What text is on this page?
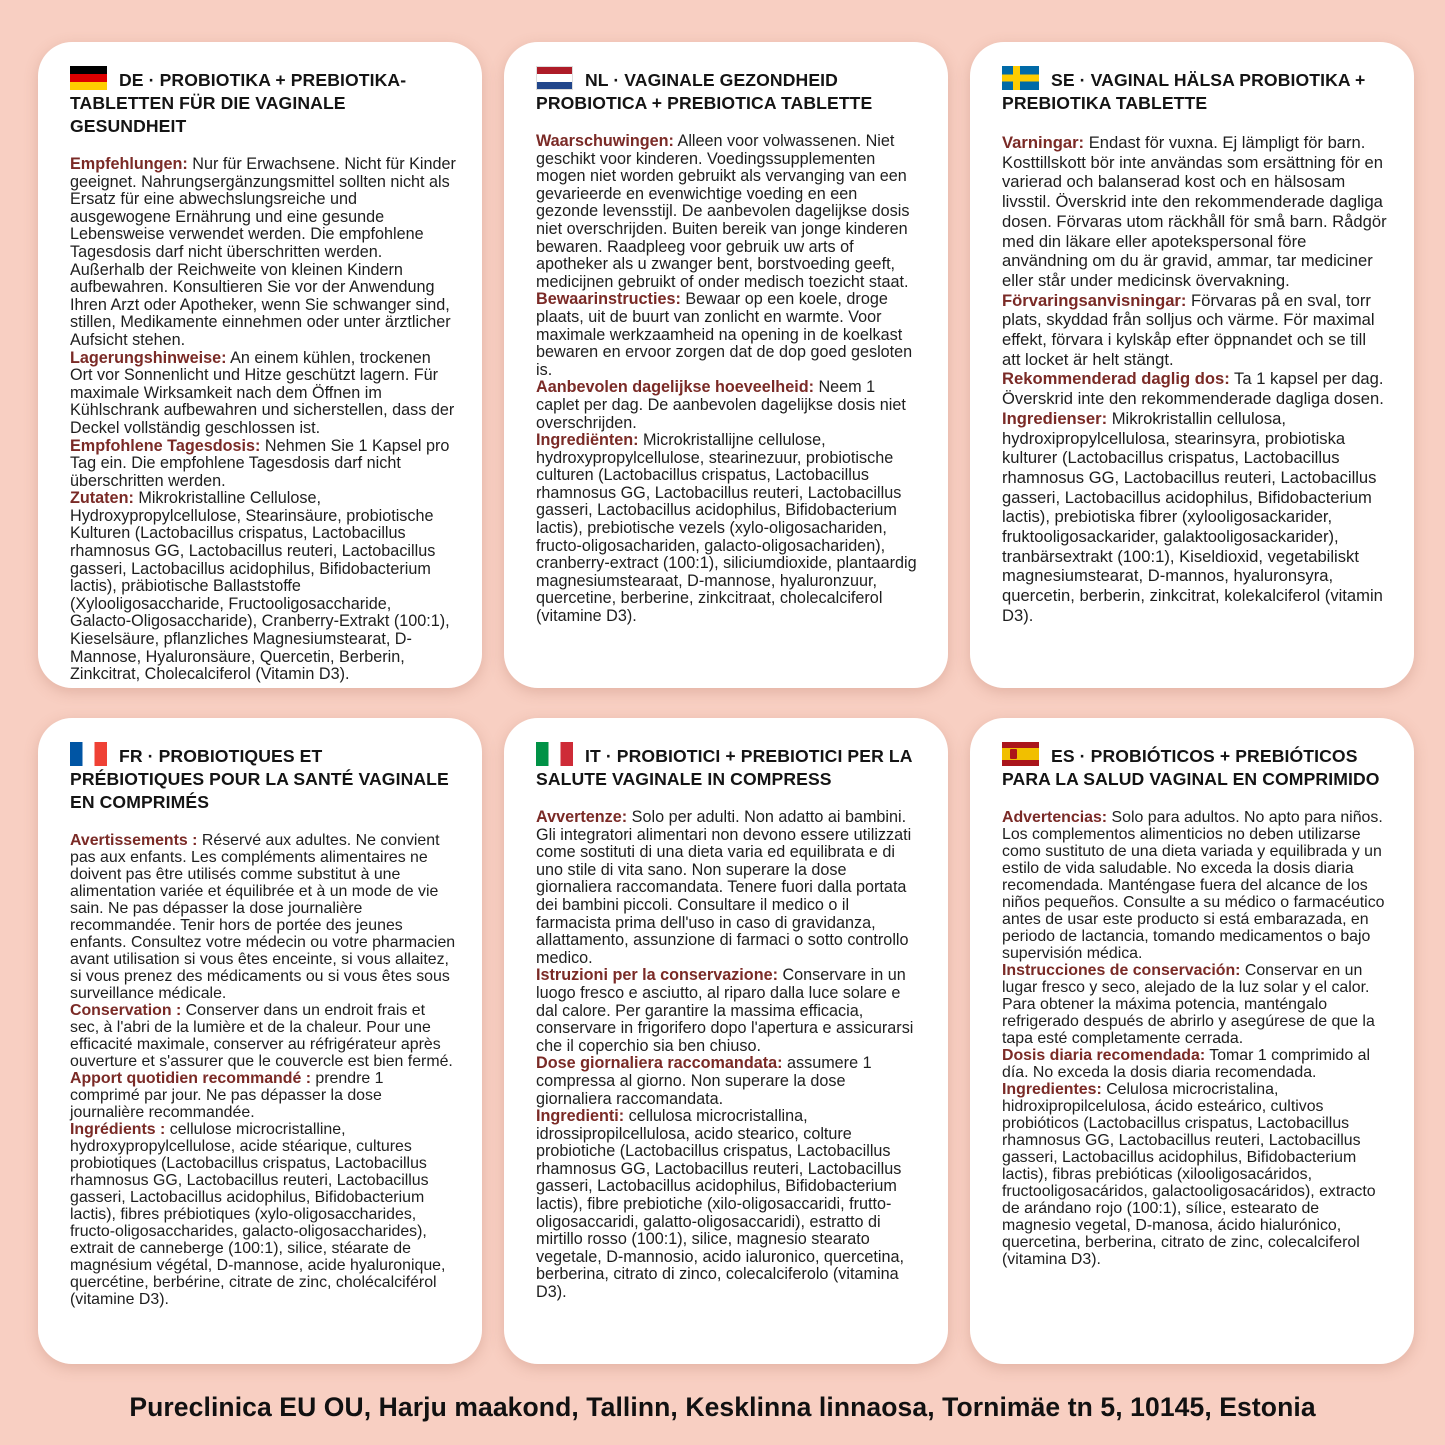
DE · PROBIOTIKA + PREBIOTIKA-TABLETTEN FÜR DIE VAGINALE GESUNDHEIT

Empfehlungen: Nur für Erwachsene. Nicht für Kinder geeignet. Nahrungsergänzungsmittel sollten nicht als Ersatz für eine abwechslungsreiche und ausgewogene Ernährung und eine gesunde Lebensweise verwendet werden. Die empfohlene Tagesdosis darf nicht überschritten werden. Außerhalb der Reichweite von kleinen Kindern aufbewahren. Konsultieren Sie vor der Anwendung Ihren Arzt oder Apotheker, wenn Sie schwanger sind, stillen, Medikamente einnehmen oder unter ärztlicher Aufsicht stehen.

Lagerungshinweise: An einem kühlen, trockenen Ort vor Sonnenlicht und Hitze geschützt lagern. Für maximale Wirksamkeit nach dem Öffnen im Kühlschrank aufbewahren und sicherstellen, dass der Deckel vollständig geschlossen ist.

Empfohlene Tagesdosis: Nehmen Sie 1 Kapsel pro Tag ein. Die empfohlene Tagesdosis darf nicht überschritten werden.

Zutaten: Mikrokristalline Cellulose, Hydroxypropylcellulose, Stearinsäure, probiotische Kulturen (Lactobacillus crispatus, Lactobacillus rhamnosus GG, Lactobacillus reuteri, Lactobacillus gasseri, Lactobacillus acidophilus, Bifidobacterium lactis), präbiotische Ballaststoffe (Xylooligosaccharide, Fructooligosaccharide, Galacto-Oligosaccharide), Cranberry-Extrakt (100:1), Kieselsäure, pflanzliches Magnesiumstearat, D-Mannose, Hyaluronsäure, Quercetin, Berberin, Zinkcitrat, Cholecalciferol (Vitamin D3).

NL · VAGINALE GEZONDHEID PROBIOTICA + PREBIOTICA TABLETTE

Waarschuwingen: Alleen voor volwassenen. Niet geschikt voor kinderen. Voedingssupplementen mogen niet worden gebruikt als vervanging van een gevarieerde en evenwichtige voeding en een gezonde levensstijl. De aanbevolen dagelijkse dosis niet overschrijden. Buiten bereik van jonge kinderen bewaren. Raadpleeg voor gebruik uw arts of apotheker als u zwanger bent, borstvoeding geeft, medicijnen gebruikt of onder medisch toezicht staat.

Bewaarinstructies: Bewaar op een koele, droge plaats, uit de buurt van zonlicht en warmte. Voor maximale werkzaamheid na opening in de koelkast bewaren en ervoor zorgen dat de dop goed gesloten is.

Aanbevolen dagelijkse hoeveelheid: Neem 1 caplet per dag. De aanbevolen dagelijkse dosis niet overschrijden.

Ingrediënten: Microkristallijne cellulose, hydroxypropylcellulose, stearinezuur, probiotische culturen (Lactobacillus crispatus, Lactobacillus rhamnosus GG, Lactobacillus reuteri, Lactobacillus gasseri, Lactobacillus acidophilus, Bifidobacterium lactis), prebiotische vezels (xylo-oligosachariden, fructo-oligosachariden, galacto-oligosachariden), cranberry-extract (100:1), siliciumdioxide, plantaardig magnesiumstearaat, D-mannose, hyaluronzuur, quercetine, berberine, zinkcitraat, cholecalciferol (vitamine D3).

SE · VAGINAL HÄLSA PROBIOTIKA + PREBIOTIKA TABLETTE

Varningar: Endast för vuxna. Ej lämpligt för barn. Kosttillskott bör inte användas som ersättning för en varierad och balanserad kost och en hälsosam livsstil. Överskrid inte den rekommenderade dagliga dosen. Förvaras utom räckhåll för små barn. Rådgör med din läkare eller apotekspersonal före användning om du är gravid, ammar, tar mediciner eller står under medicinsk övervakning.

Förvaringsanvisningar: Förvaras på en sval, torr plats, skyddad från solljus och värme. För maximal effekt, förvara i kylskåp efter öppnandet och se till att locket är helt stängt.

Rekommenderad daglig dos: Ta 1 kapsel per dag. Överskrid inte den rekommenderade dagliga dosen.

Ingredienser: Mikrokristallin cellulosa, hydroxipropylcellulosa, stearinsyra, probiotiska kulturer (Lactobacillus crispatus, Lactobacillus rhamnosus GG, Lactobacillus reuteri, Lactobacillus gasseri, Lactobacillus acidophilus, Bifidobacterium lactis), prebiotiska fibrer (xylooligosackarider, fruktooligosackarider, galaktooligosackarider), tranbärsextrakt (100:1), Kiseldioxid, vegetabiliskt magnesiumstearat, D-mannos, hyaluronsyra, quercetin, berberin, zinkcitrat, kolekalciferol (vitamin D3).

FR · PROBIOTIQUES ET PRÉBIOTIQUES POUR LA SANTÉ VAGINALE EN COMPRIMÉS

Avertissements : Réservé aux adultes. Ne convient pas aux enfants. Les compléments alimentaires ne doivent pas être utilisés comme substitut à une alimentation variée et équilibrée et à un mode de vie sain. Ne pas dépasser la dose journalière recommandée. Tenir hors de portée des jeunes enfants. Consultez votre médecin ou votre pharmacien avant utilisation si vous êtes enceinte, si vous allaitez, si vous prenez des médicaments ou si vous êtes sous surveillance médicale.

Conservation : Conserver dans un endroit frais et sec, à l'abri de la lumière et de la chaleur. Pour une efficacité maximale, conserver au réfrigérateur après ouverture et s'assurer que le couvercle est bien fermé.

Apport quotidien recommandé : prendre 1 comprimé par jour. Ne pas dépasser la dose journalière recommandée.

Ingrédients : cellulose microcristalline, hydroxypropylcellulose, acide stéarique, cultures probiotiques (Lactobacillus crispatus, Lactobacillus rhamnosus GG, Lactobacillus reuteri, Lactobacillus gasseri, Lactobacillus acidophilus, Bifidobacterium lactis), fibres prébiotiques (xylo-oligosaccharides, fructo-oligosaccharides, galacto-oligosaccharides), extrait de canneberge (100:1), silice, stéarate de magnésium végétal, D-mannose, acide hyaluronique, quercétine, berbérine, citrate de zinc, cholécalciférol (vitamine D3).

IT · PROBIOTICI + PREBIOTICI PER LA SALUTE VAGINALE IN COMPRESS

Avvertenze: Solo per adulti. Non adatto ai bambini. Gli integratori alimentari non devono essere utilizzati come sostituti di una dieta varia ed equilibrata e di uno stile di vita sano. Non superare la dose giornaliera raccomandata. Tenere fuori dalla portata dei bambini piccoli. Consultare il medico o il farmacista prima dell'uso in caso di gravidanza, allattamento, assunzione di farmaci o sotto controllo medico.

Istruzioni per la conservazione: Conservare in un luogo fresco e asciutto, al riparo dalla luce solare e dal calore. Per garantire la massima efficacia, conservare in frigorifero dopo l'apertura e assicurarsi che il coperchio sia ben chiuso.

Dose giornaliera raccomandata: assumere 1 compressa al giorno. Non superare la dose giornaliera raccomandata.

Ingredienti: cellulosa microcristallina, idrossipropilcellulosa, acido stearico, colture probiotiche (Lactobacillus crispatus, Lactobacillus rhamnosus GG, Lactobacillus reuteri, Lactobacillus gasseri, Lactobacillus acidophilus, Bifidobacterium lactis), fibre prebiotiche (xilo-oligosaccaridi, frutto-oligosaccaridi, galatto-oligosaccaridi), estratto di mirtillo rosso (100:1), silice, magnesio stearato vegetale, D-mannosio, acido ialuronico, quercetina, berberina, citrato di zinco, colecalciferolo (vitamina D3).

ES · PROBIÓTICOS + PREBIÓTICOS PARA LA SALUD VAGINAL EN COMPRIMIDO

Advertencias: Solo para adultos. No apto para niños. Los complementos alimenticios no deben utilizarse como sustituto de una dieta variada y equilibrada y un estilo de vida saludable. No exceda la dosis diaria recomendada. Manténgase fuera del alcance de los niños pequeños. Consulte a su médico o farmacéutico antes de usar este producto si está embarazada, en periodo de lactancia, tomando medicamentos o bajo supervisión médica.

Instrucciones de conservación: Conservar en un lugar fresco y seco, alejado de la luz solar y el calor. Para obtener la máxima potencia, manténgalo refrigerado después de abrirlo y asegúrese de que la tapa esté completamente cerrada.

Dosis diaria recomendada: Tomar 1 comprimido al día. No exceda la dosis diaria recomendada.

Ingredientes: Celulosa microcristalina, hidroxipropilcelulosa, ácido esteárico, cultivos probióticos (Lactobacillus crispatus, Lactobacillus rhamnosus GG, Lactobacillus reuteri, Lactobacillus gasseri, Lactobacillus acidophilus, Bifidobacterium lactis), fibras prebióticas (xilooligosacáridos, fructooligosacáridos, galactooligosacáridos), extracto de arándano rojo (100:1), sílice, estearato de magnesio vegetal, D-manosa, ácido hialurónico, quercetina, berberina, citrato de zinc, colecalciferol (vitamina D3).

Pureclinica EU OU, Harju maakond, Tallinn, Kesklinna linnaosa, Tornimäe tn 5, 10145, Estonia
